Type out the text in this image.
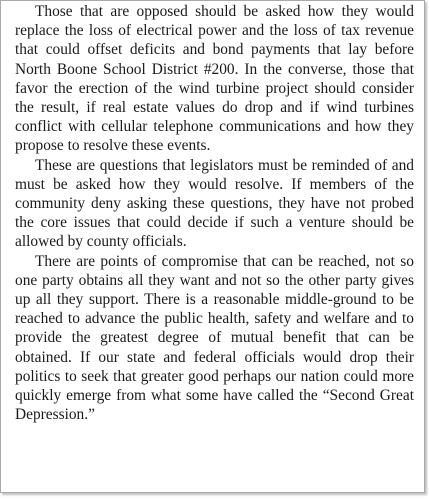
Those that are opposed should be asked how they would replace the loss of electrical power and the loss of tax revenue that could offset deficits and bond payments that lay before North Boone School District #200. In the converse, those that favor the erection of the wind turbine project should consider the result, if real estate values do drop and if wind turbines conflict with cellular telephone communications and how they propose to resolve these events.

These are questions that legislators must be reminded of and must be asked how they would resolve. If members of the community deny asking these questions, they have not probed the core issues that could decide if such a venture should be allowed by county officials.

There are points of compromise that can be reached, not so one party obtains all they want and not so the other party gives up all they support. There is a reasonable middle-ground to be reached to advance the public health, safety and welfare and to provide the greatest degree of mutual benefit that can be obtained. If our state and federal officials would drop their politics to seek that greater good perhaps our nation could more quickly emerge from what some have called the “Second Great Depression.”
